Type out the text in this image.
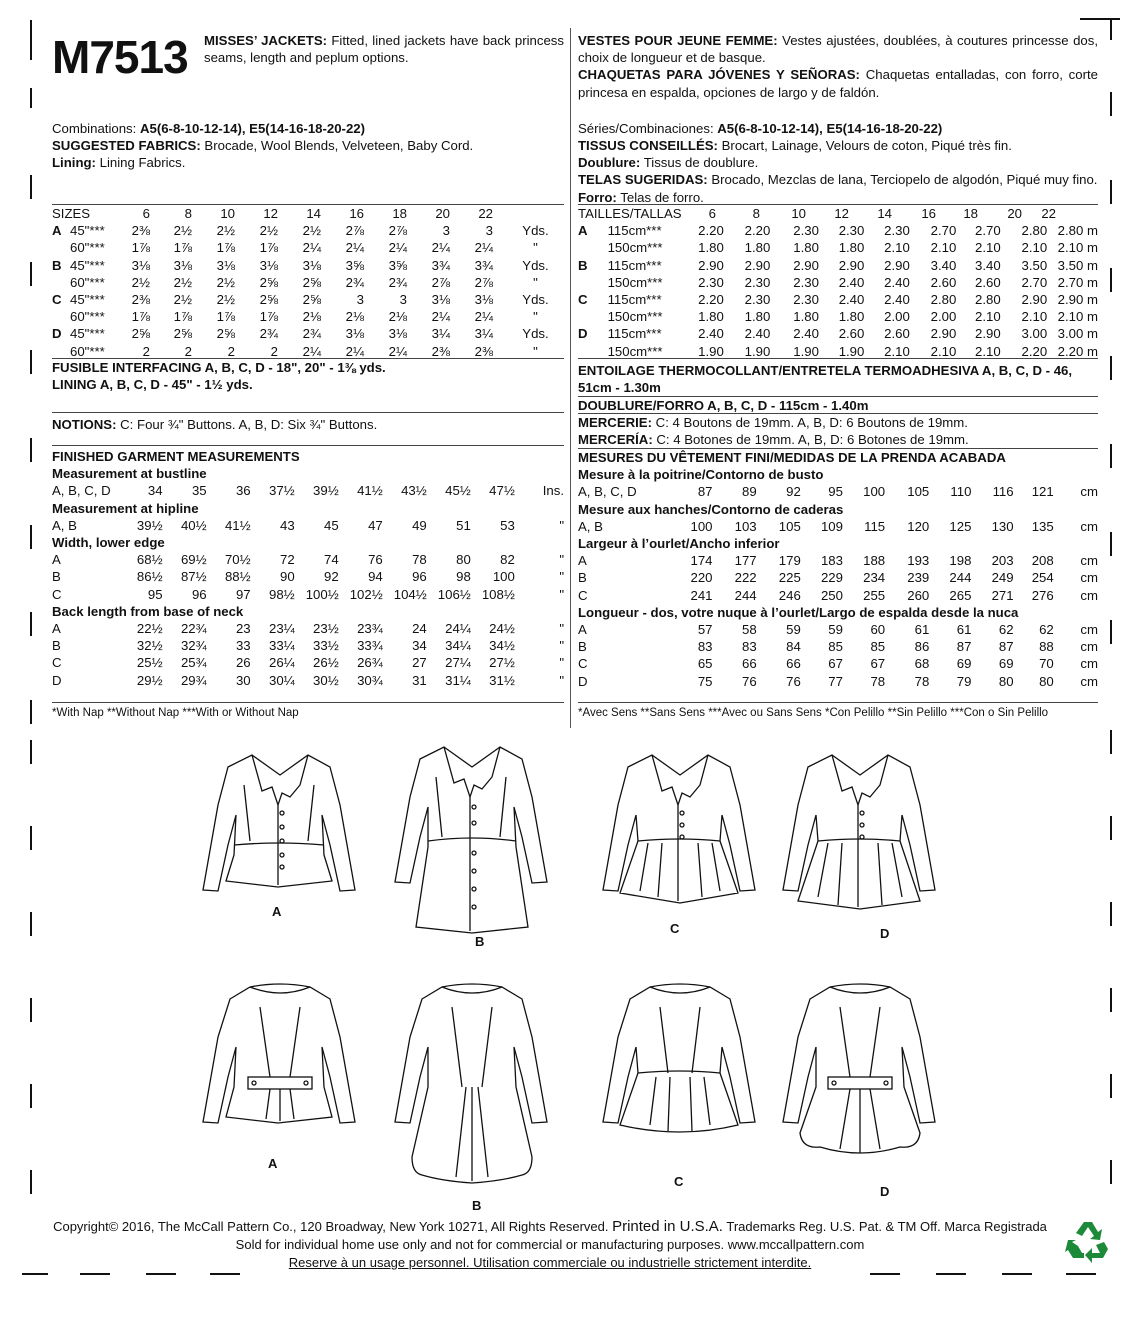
M7513 MISSES’ JACKETS: Fitted, lined jackets have back princess seams, length and peplum options.
Combinations: A5(6-8-10-12-14), E5(14-16-18-20-22)
SUGGESTED FABRICS: Brocade, Wool Blends, Velveteen, Baby Cord.
Lining: Lining Fabrics.
SIZES	6	8	10	12	14	16	18	20	22	
A	45"***	2⅜	2½	2½	2½	2½	2⅞	2⅞	3	3	Yds.
	60"***	1⅞	1⅞	1⅞	1⅞	2¼	2¼	2¼	2¼	2¼	"
B	45"***	3⅛	3⅛	3⅛	3⅛	3⅛	3⅝	3⅝	3¾	3¾	Yds.
	60"***	2½	2½	2½	2⅝	2⅝	2¾	2¾	2⅞	2⅞	"
C	45"***	2⅜	2½	2½	2⅝	2⅝	3	3	3⅛	3⅛	Yds.
	60"***	1⅞	1⅞	1⅞	1⅞	2⅛	2⅛	2⅛	2¼	2¼	"
D	45"***	2⅝	2⅝	2⅝	2¾	2¾	3⅛	3⅛	3¼	3¼	Yds.
	60"***	2	2	2	2	2¼	2¼	2¼	2⅜	2⅜	"
FUSIBLE INTERFACING A, B, C, D - 18", 20" - 1⅜ yds.
LINING A, B, C, D - 45" - 1½ yds.
NOTIONS: C: Four ¾" Buttons. A, B, D: Six ¾" Buttons.
FINISHED GARMENT MEASUREMENTS
Measurement at bustline
A, B, C, D	34	35	36	37½	39½	41½	43½	45½	47½	Ins.
Measurement at hipline
A, B	39½	40½	41½	43	45	47	49	51	53	"
Width, lower edge
A	68½	69½	70½	72	74	76	78	80	82	"
B	86½	87½	88½	90	92	94	96	98	100	"
C	95	96	97	98½	100½	102½	104½	106½	108½	"
Back length from base of neck
A	22½	22¾	23	23¼	23½	23¾	24	24¼	24½	"
B	32½	32¾	33	33¼	33½	33¾	34	34¼	34½	"
C	25½	25¾	26	26¼	26½	26¾	27	27¼	27½	"
D	29½	29¾	30	30¼	30½	30¾	31	31¼	31½	"
*With Nap **Without Nap ***With or Without Nap
VESTES POUR JEUNE FEMME: Vestes ajustées, doublées, à coutures princesse dos, choix de longueur et de basque.
CHAQUETAS PARA JÓVENES Y SEÑORAS: Chaquetas entalladas, con forro, corte princesa en espalda, opciones de largo y de faldón.
Séries/Combinaciones: A5(6-8-10-12-14), E5(14-16-18-20-22)
TISSUS CONSEILLÉS: Brocart, Lainage, Velours de coton, Piqué très fin.
Doublure: Tissus de doublure.
TELAS SUGERIDAS: Brocado, Mezclas de lana, Terciopelo de algodón, Piqué muy fino. Forro: Telas de forro.
TAILLES/TALLAS	6	8	10	12	14	16	18	20	22	
A	115cm***	2.20	2.20	2.30	2.30	2.30	2.70	2.70	2.80	2.80 m
	150cm***	1.80	1.80	1.80	1.80	2.10	2.10	2.10	2.10	2.10 m
B	115cm***	2.90	2.90	2.90	2.90	2.90	3.40	3.40	3.50	3.50 m
	150cm***	2.30	2.30	2.30	2.40	2.40	2.60	2.60	2.70	2.70 m
C	115cm***	2.20	2.30	2.30	2.40	2.40	2.80	2.80	2.90	2.90 m
	150cm***	1.80	1.80	1.80	1.80	2.00	2.00	2.10	2.10	2.10 m
D	115cm***	2.40	2.40	2.40	2.60	2.60	2.90	2.90	3.00	3.00 m
	150cm***	1.90	1.90	1.90	1.90	2.10	2.10	2.10	2.20	2.20 m
ENTOILAGE THERMOCOLLANT/ENTRETELA TERMOADHESIVA A, B, C, D - 46, 51cm - 1.30m
DOUBLURE/FORRO A, B, C, D - 115cm - 1.40m
MERCERIE: C: 4 Boutons de 19mm. A, B, D: 6 Boutons de 19mm.
MERCERÍA: C: 4 Botones de 19mm. A, B, D: 6 Botones de 19mm.
MESURES DU VÊTEMENT FINI/MEDIDAS DE LA PRENDA ACABADA
Mesure à la poitrine/Contorno de busto
A, B, C, D	87	89	92	95	100	105	110	116	121	cm
Mesure aux hanches/Contorno de caderas
A, B	100	103	105	109	115	120	125	130	135	cm
Largeur à l’ourlet/Ancho inferior
A	174	177	179	183	188	193	198	203	208	cm
B	220	222	225	229	234	239	244	249	254	cm
C	241	244	246	250	255	260	265	271	276	cm
Longueur - dos, votre nuque à l’ourlet/Largo de espalda desde la nuca
A	57	58	59	59	60	61	61	62	62	cm
B	83	83	84	85	85	86	87	87	88	cm
C	65	66	66	67	67	68	69	69	70	cm
D	75	76	76	77	78	78	79	80	80	cm
*Avec Sens **Sans Sens ***Avec ou Sans Sens *Con Pelillo **Sin Pelillo ***Con o Sin Pelillo
A
B
C	D
A
B
C
D
Copyright© 2016, The McCall Pattern Co., 120 Broadway, New York 10271, All Rights Reserved. Printed in U.S.A. Trademarks Reg. U.S. Pat. & TM Off. Marca Registrada
Sold for individual home use only and not for commercial or manufacturing purposes. www.mccallpattern.com
Reserve à un usage personnel. Utilisation commerciale ou industrielle strictement interdite.
